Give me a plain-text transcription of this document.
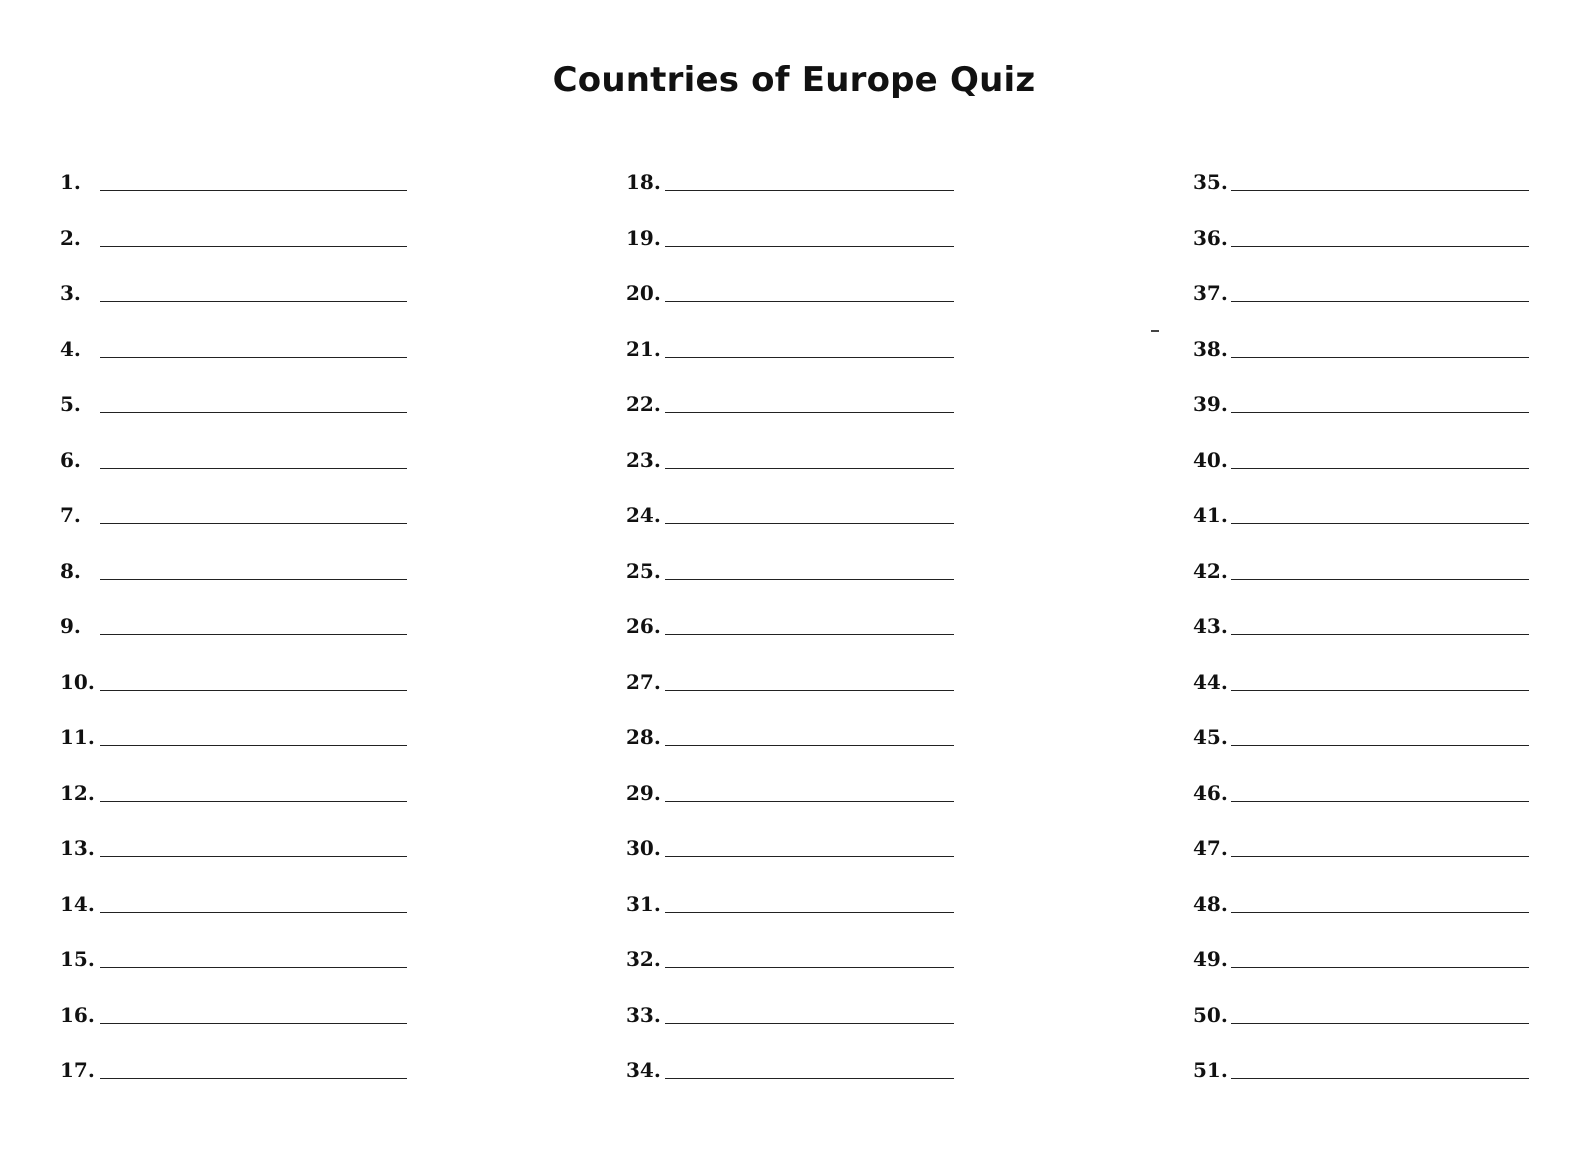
Countries of Europe Quiz
1.
2.
3.
4.
5.
6.
7.
8.
9.
10.
11.
12.
13.
14.
15.
16.
17.
18.
19.
20.
21.
22.
23.
24.
25.
26.
27.
28.
29.
30.
31.
32.
33.
34.
35.
36.
37.
38.
39.
40.
41.
42.
43.
44.
45.
46.
47.
48.
49.
50.
51.
